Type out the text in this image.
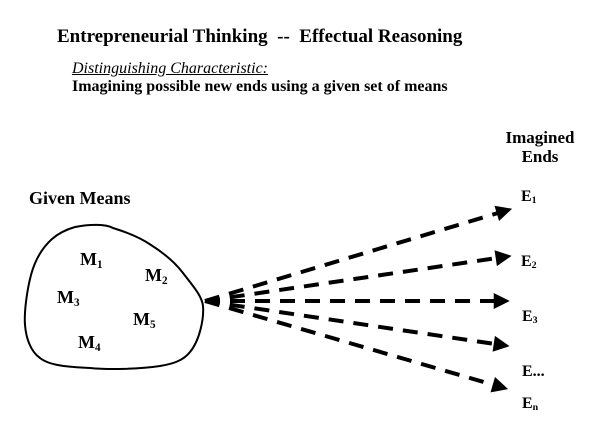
Entrepreneurial Thinking  --  Effectual Reasoning
Distinguishing Characteristic:
Imagining possible new ends using a given set of means
Given Means
Imagined
Ends
$M_1$
$M_2$
$M_3$
$M_5$
$M_4$
$E_1$
$E_2$
$E_3$
E...
$E_n$
